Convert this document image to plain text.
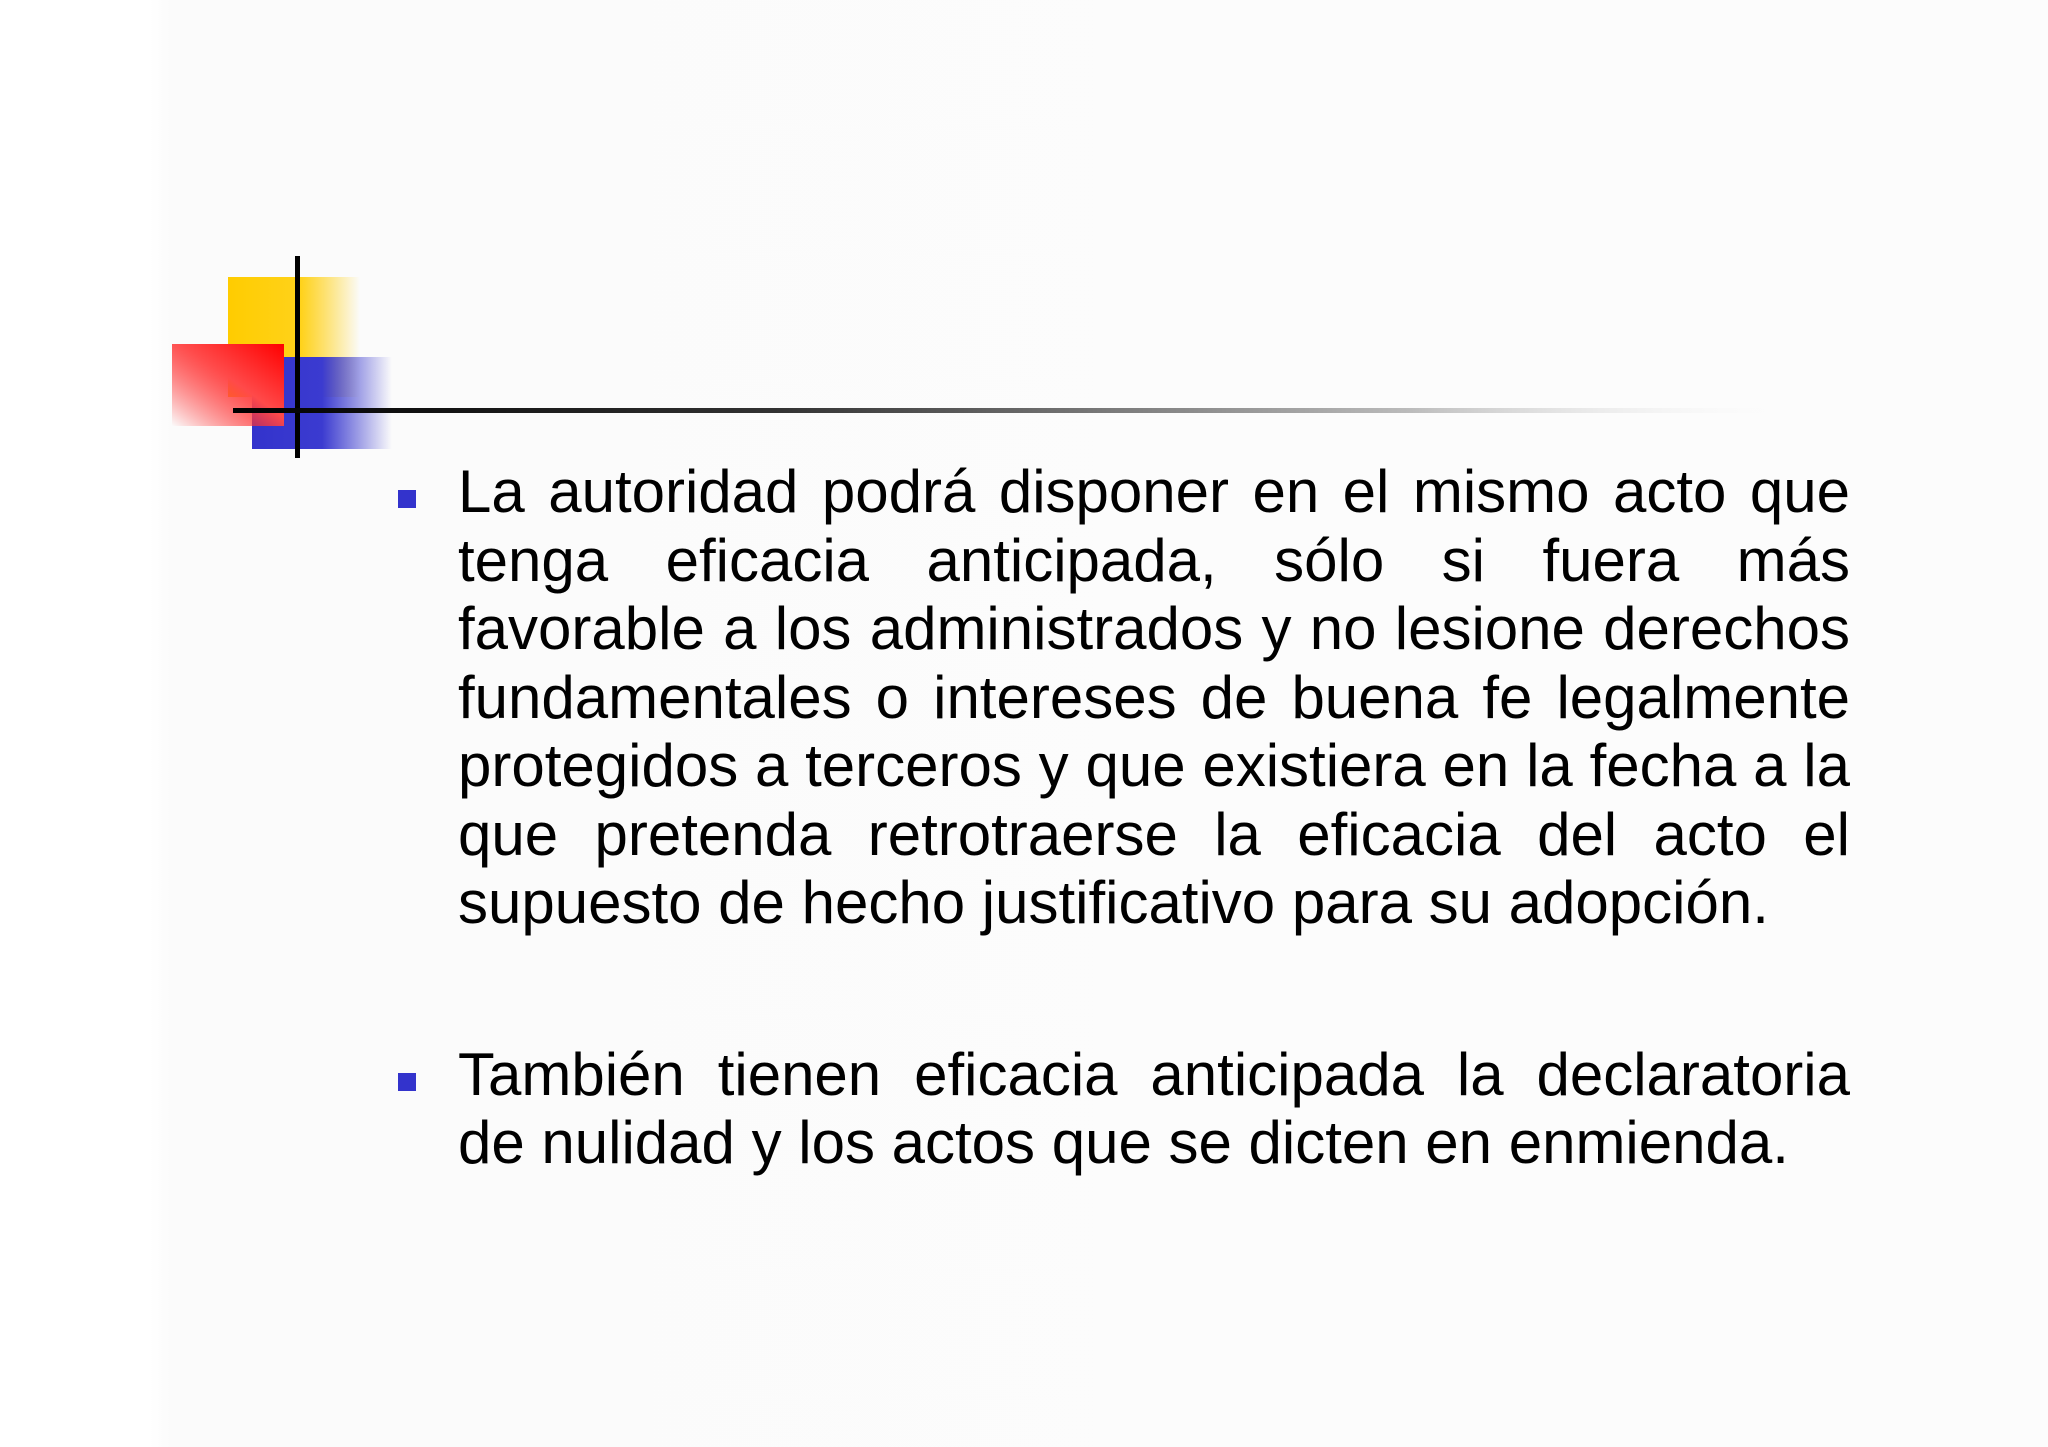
La autoridad podrá disponer en el mismo acto que tenga eficacia anticipada, sólo si fuera más favorable a los administrados y no lesione derechos fundamentales o intereses de buena fe legalmente protegidos a terceros y que existiera en la fecha a la que pretenda retrotraerse la eficacia del acto el supuesto de hecho justificativo para su adopción.
También tienen eficacia anticipada la declaratoria de nulidad y los actos que se dicten en enmienda.
